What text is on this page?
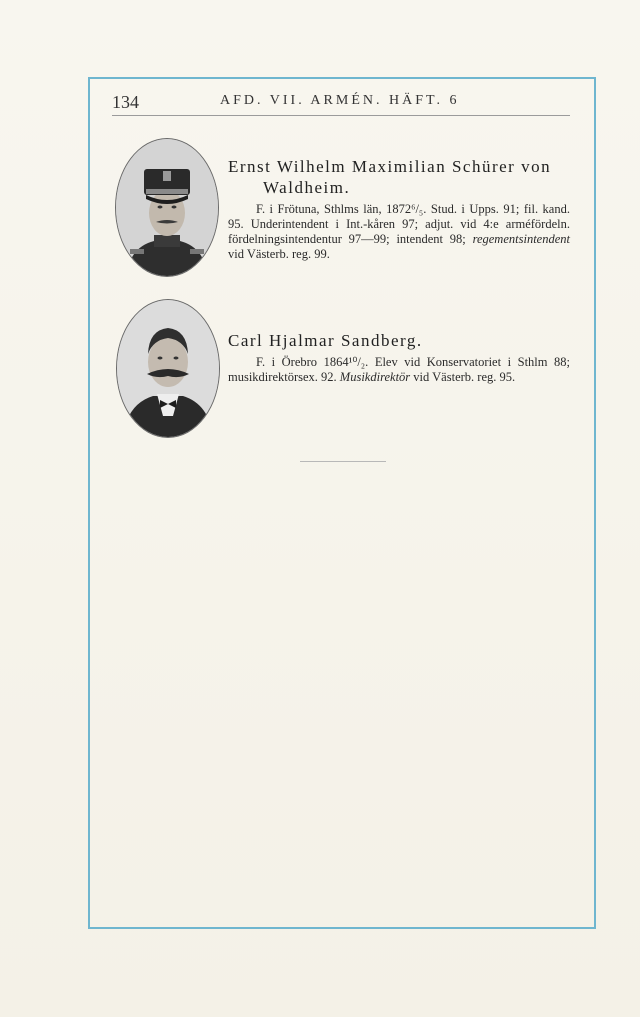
134	AFD. VII. ARMÉN. HÄFT. 6
Ernst Wilhelm Maximilian Schürer von
Waldheim.
F. i Frötuna, Sthlms län, 1872⁶/₅. Stud. i Upps. 91; fil. kand. 95. Underintendent i Int.-kåren 97; adjut. vid 4:e arméfördeln. fördelningsintendentur 97—99; intendent 98; regementsintendent vid Västerb. reg. 99.
Carl Hjalmar Sandberg.
F. i Örebro 1864¹⁰/₂. Elev vid Konservatoriet i Sthlm 88; musikdirektörsex. 92. Musikdirektör vid Västerb. reg. 95.
